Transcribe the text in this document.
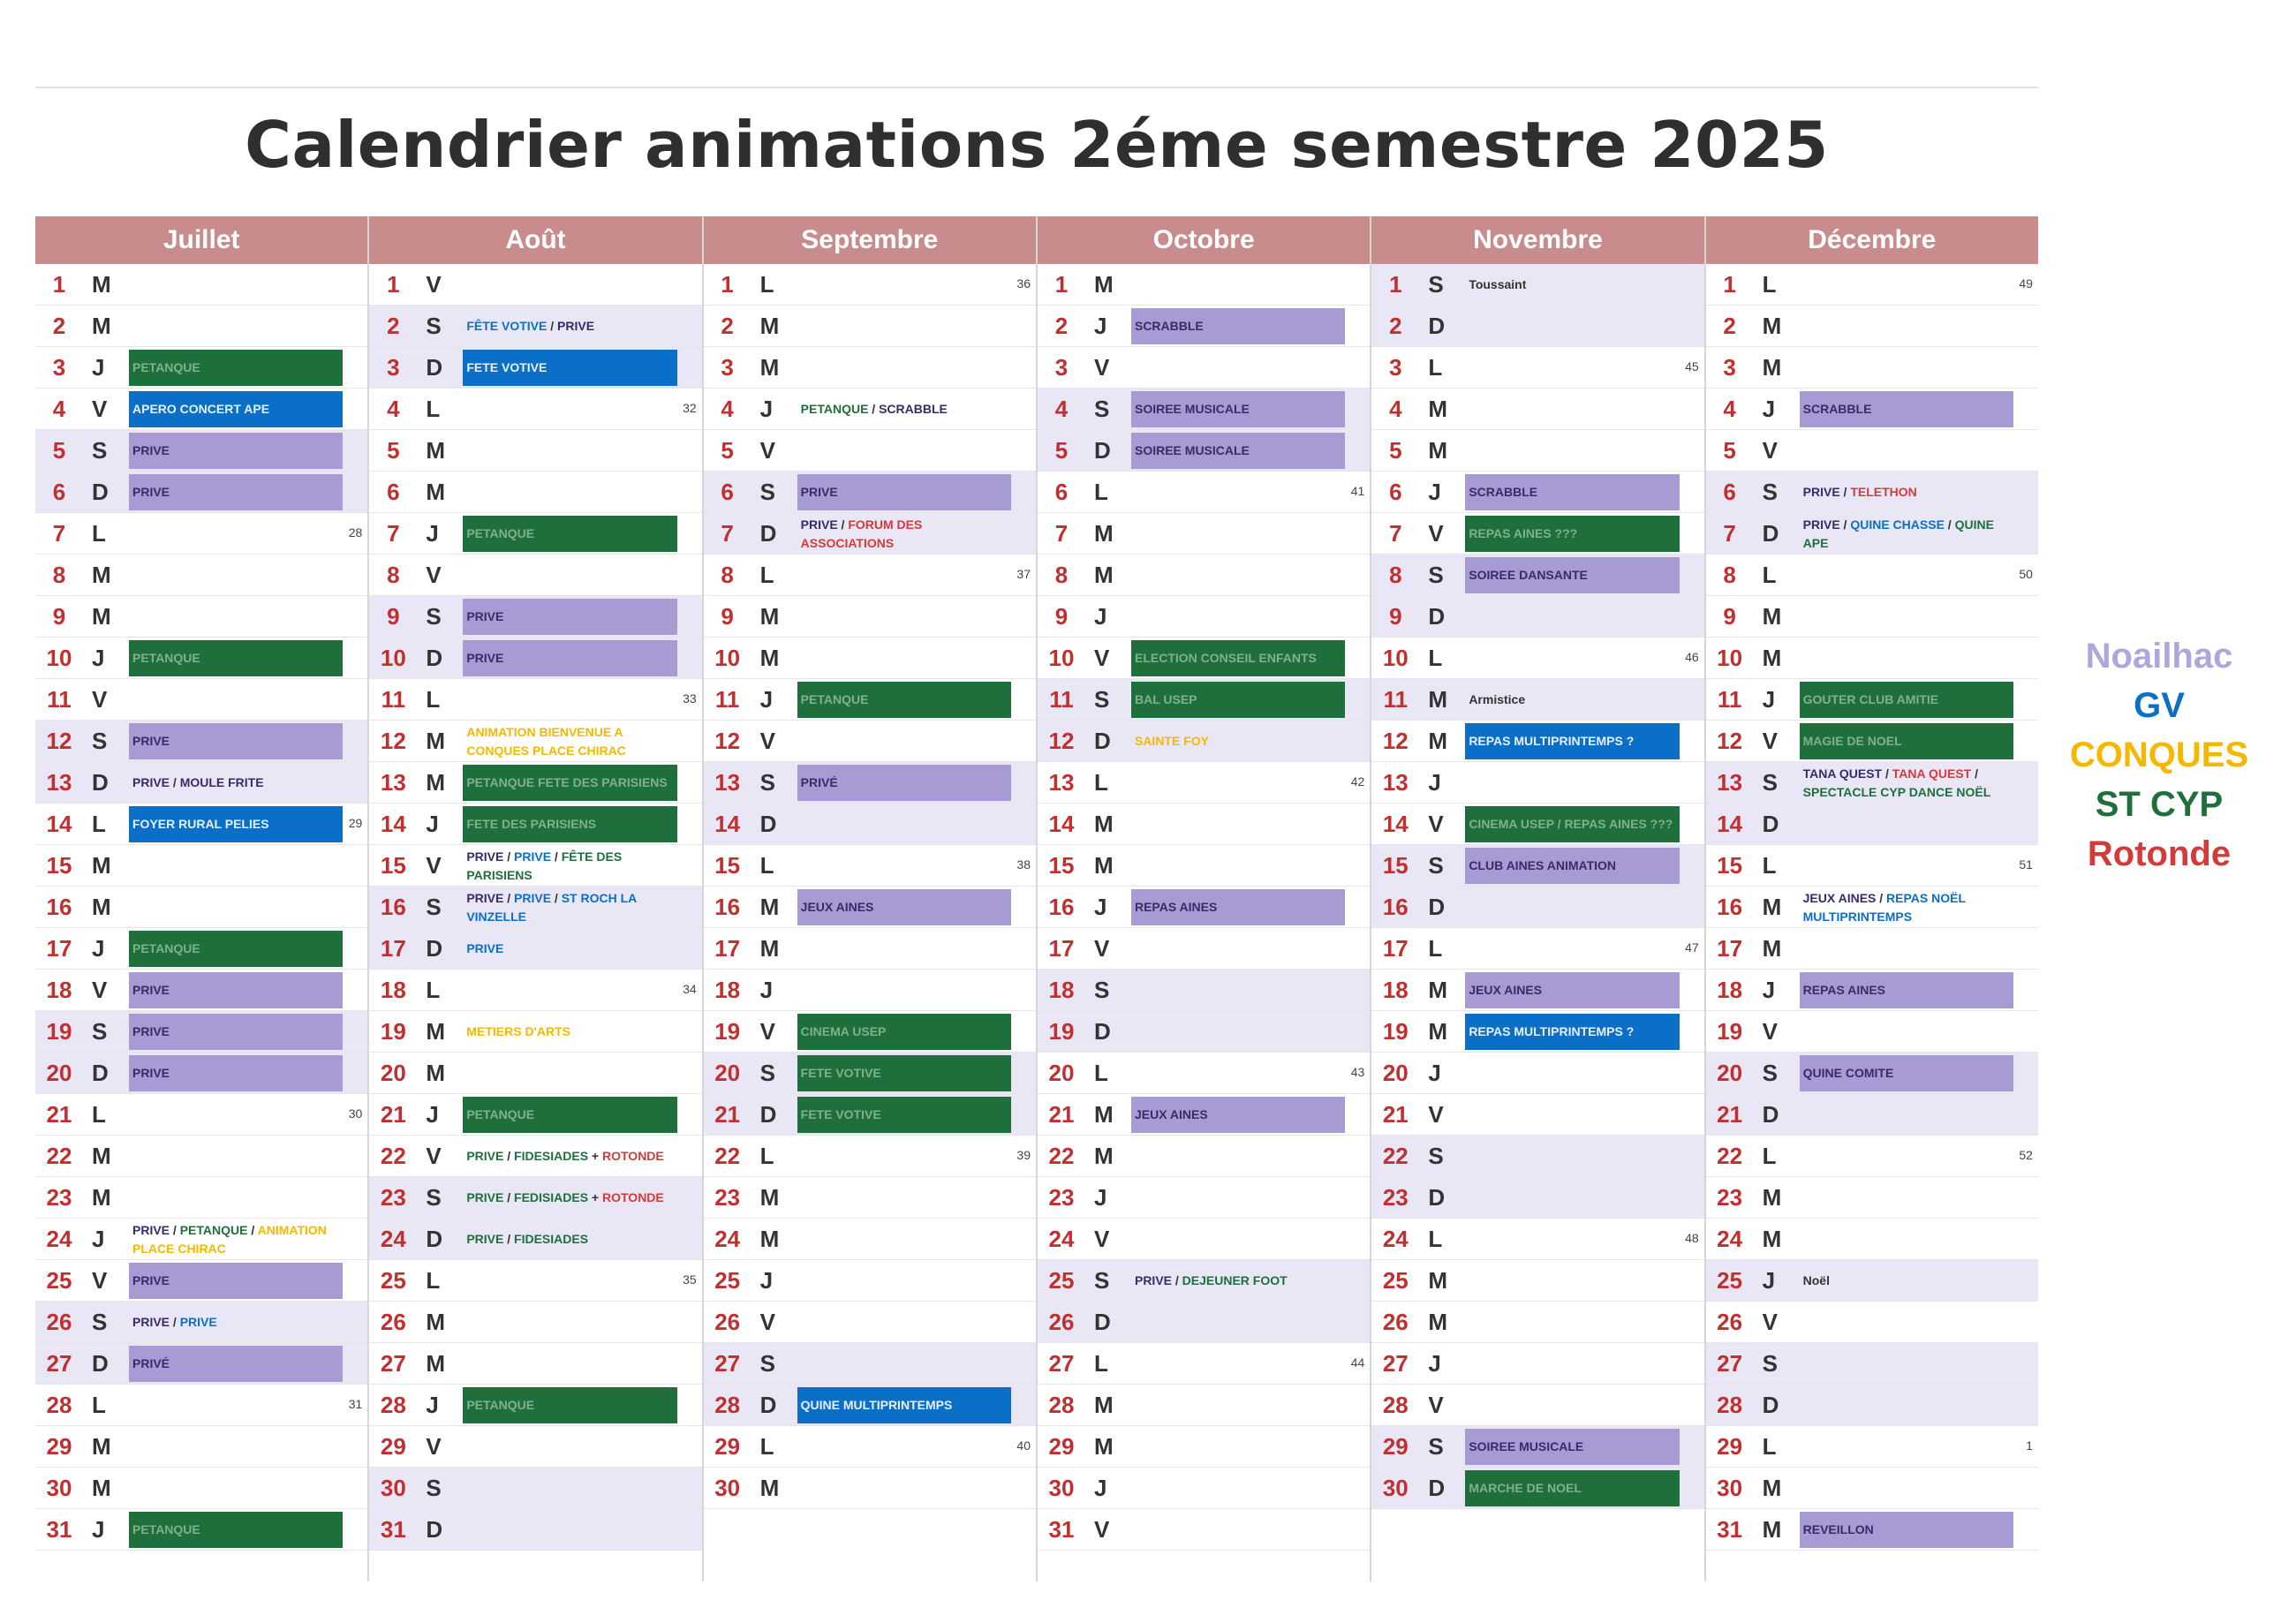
Calendrier animations 2éme semestre 2025
Juillet
1	M
2	M
3	J	PETANQUE
4	V	APERO CONCERT APE
5	S	PRIVE
6	D	PRIVE
7	L	28
8	M
9	M
10 J	PETANQUE
11 V
12 S	PRIVE
13 D	PRIVE / MOULE FRITE
14 L	FOYER RURAL PELIES	29
15 M
16 M
17 J	PETANQUE
18 V	PRIVE
19 S	PRIVE
20 D	PRIVE
21 L	30
22 M
23 M
24 J	PRIVE / PETANQUE / ANIMATION PLACE CHIRAC
25 V	PRIVE
26 S	PRIVE / PRIVE
27 D	PRIVÉ
28 L	31
29 M
30 M
31 J	PETANQUE
Août
1	V
2	S	FÊTE VOTIVE / PRIVE
3	D	FETE VOTIVE
4	L	32
5	M
6	M
7	J	PETANQUE
8	V
9	S	PRIVE
10 D	PRIVE
11 L	33
12 M	ANIMATION BIENVENUE A CONQUES PLACE CHIRAC
13 M	PETANQUE FETE DES PARISIENS
14 J	FETE DES PARISIENS
15 V	PRIVE / PRIVE / FÊTE DES PARISIENS
16 S	PRIVE / PRIVE / ST ROCH LA VINZELLE
17 D	PRIVE
18 L	34
19 M	METIERS D'ARTS
20 M
21 J	PETANQUE
22 V	PRIVE / FIDESIADES + ROTONDE
23 S	PRIVE / FEDISIADES + ROTONDE
24 D	PRIVE / FIDESIADES
25 L	35
26 M
27 M
28 J	PETANQUE
29 V
30 S
31 D
Septembre
1	L	36
2	M
3	M
4	J	PETANQUE / SCRABBLE
5	V
6	S	PRIVE
7	D	PRIVE / FORUM DES ASSOCIATIONS
8	L	37
9	M
10 M
11 J	PETANQUE
12 V
13 S	PRIVÉ
14 D
15 L	38
16 M	JEUX AINES
17 M
18 J
19 V	CINEMA USEP
20 S	FETE VOTIVE
21 D	FETE VOTIVE
22 L	39
23 M
24 M
25 J
26 V
27 S
28 D	QUINE MULTIPRINTEMPS
29 L	40
30 M
Octobre
1	M
2	J	SCRABBLE
3	V
4	S	SOIREE MUSICALE
5	D	SOIREE MUSICALE
6	L	41
7	M
8	M
9	J
10 V	ELECTION CONSEIL ENFANTS
11 S	BAL USEP
12 D	SAINTE FOY
13 L	42
14 M
15 M
16 J	REPAS AINES
17 V
18 S
19 D
20 L	43
21 M	JEUX AINES
22 M
23 J
24 V
25 S	PRIVE / DEJEUNER FOOT
26 D
27 L	44
28 M
29 M
30 J
31 V
Novembre
1	S	Toussaint
2	D
3	L	45
4	M
5	M
6	J	SCRABBLE
7	V	REPAS AINES ???
8	S	SOIREE DANSANTE
9	D
10 L	46
11 M	Armistice
12 M	REPAS MULTIPRINTEMPS ?
13 J
14 V	CINEMA USEP / REPAS AINES ???
15 S	CLUB AINES ANIMATION
16 D
17 L	47
18 M	JEUX AINES
19 M	REPAS MULTIPRINTEMPS ?
20 J
21 V
22 S
23 D
24 L	48
25 M
26 M
27 J
28 V
29 S	SOIREE MUSICALE
30 D	MARCHE DE NOEL
Décembre
1	L	49
2	M
3	M
4	J	SCRABBLE
5	V
6	S	PRIVE / TELETHON
7	D	PRIVE / QUINE CHASSE / QUINE APE
8	L	50
9	M
10 M
11 J	GOUTER CLUB AMITIE
12 V	MAGIE DE NOEL
13 S	TANA QUEST / TANA QUEST / SPECTACLE CYP DANCE NOËL
14 D
15 L	51
16 M	JEUX AINES / REPAS NOËL MULTIPRINTEMPS
17 M
18 J	REPAS AINES
19 V
20 S	QUINE COMITE
21 D
22 L	52
23 M
24 M
25 J	Noël
26 V
27 S
28 D
29 L	1
30 M
31 M	REVEILLON
Noailhac
GV
CONQUES
ST CYP
Rotonde
